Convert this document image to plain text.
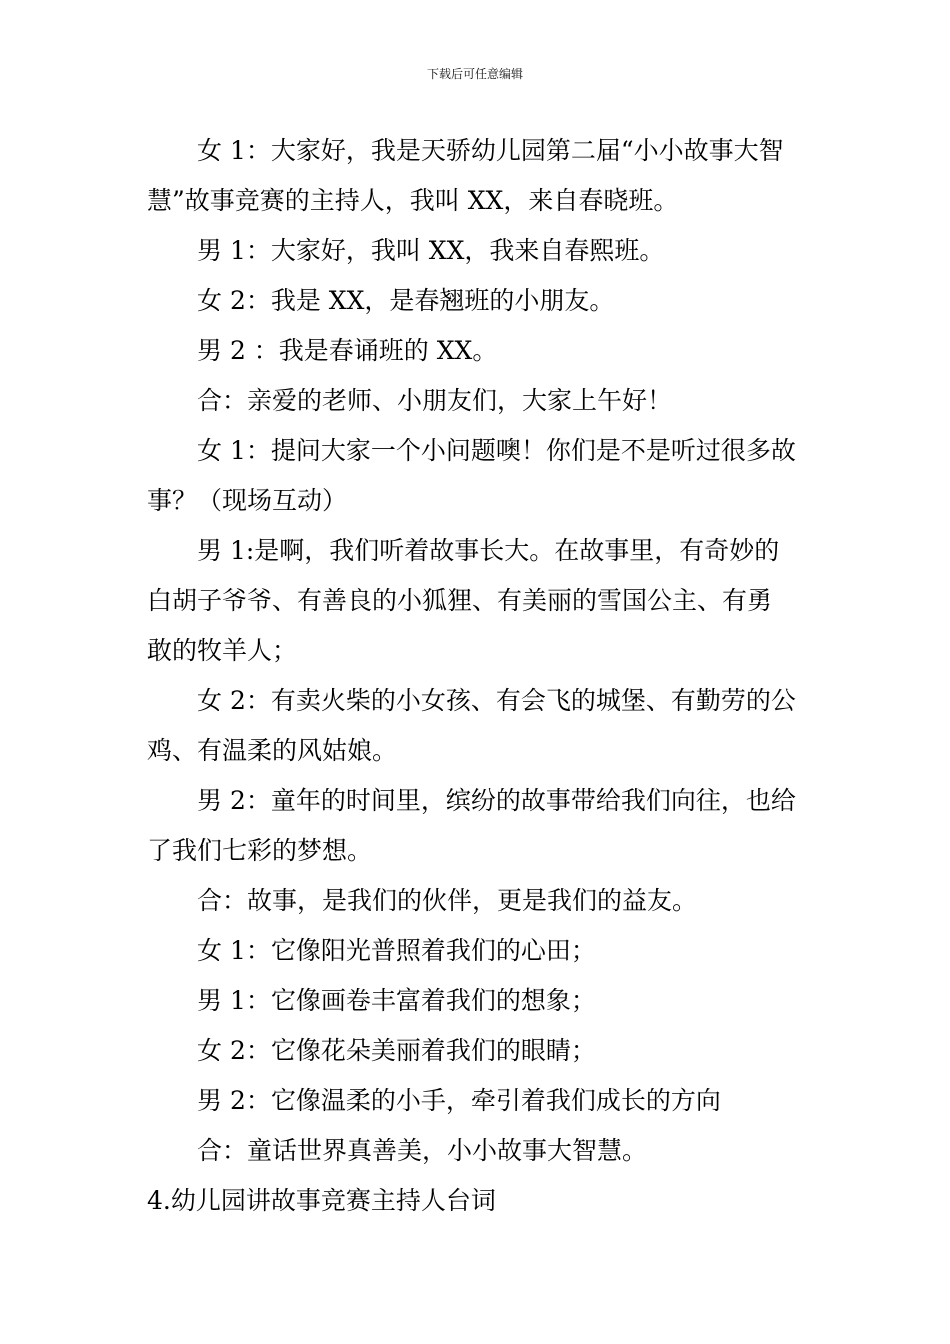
下载后可任意编辑

女 1：大家好，我是天骄幼儿园第二届“小小故事大智
慧”故事竞赛的主持人，我叫 XX，来自春晓班。

男 1：大家好，我叫 XX，我来自春熙班。

女 2：我是 XX，是春翘班的小朋友。

男 2 ：我是春诵班的 XX。

合：亲爱的老师、小朋友们，大家上午好！

女 1：提问大家一个小问题噢！你们是不是听过很多故
事？（现场互动）

男 1:是啊，我们听着故事长大。在故事里，有奇妙的
白胡子爷爷、有善良的小狐狸、有美丽的雪国公主、有勇
敢的牧羊人；

女 2：有卖火柴的小女孩、有会飞的城堡、有勤劳的公
鸡、有温柔的风姑娘。

男 2：童年的时间里，缤纷的故事带给我们向往，也给
了我们七彩的梦想。

合：故事，是我们的伙伴，更是我们的益友。

女 1：它像阳光普照着我们的心田；

男 1：它像画卷丰富着我们的想象；

女 2：它像花朵美丽着我们的眼睛；

男 2：它像温柔的小手，牵引着我们成长的方向

合：童话世界真善美，小小故事大智慧。

4.幼儿园讲故事竞赛主持人台词
